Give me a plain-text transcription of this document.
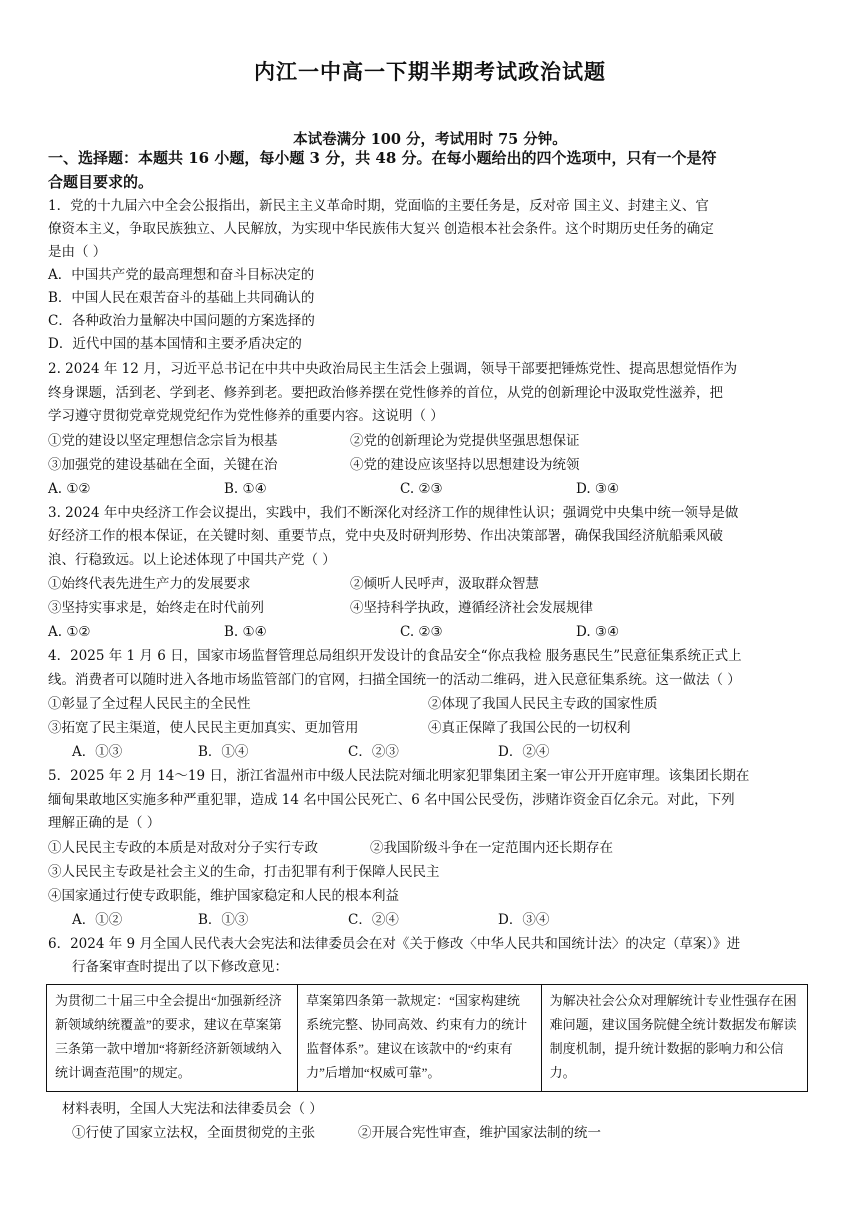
内江一中高一下期半期考试政治试题
本试卷满分 100 分，考试用时 75 分钟。

一、选择题：本题共 16 小题，每小题 3 分，共 48 分。在每小题给出的四个选项中，只有一个是符
合题目要求的。

1．党的十九届六中全会公报指出，新民主主义革命时期，党面临的主要任务是，反对帝 国主义、封建主义、官
僚资本主义，争取民族独立、人民解放，为实现中华民族伟大复兴 创造根本社会条件。这个时期历史任务的确定
是由（ ）

A．中国共产党的最高理想和奋斗目标决定的

B．中国人民在艰苦奋斗的基础上共同确认的

C．各种政治力量解决中国问题的方案选择的

D．近代中国的基本国情和主要矛盾决定的

2. 2024 年 12 月，习近平总书记在中共中央政治局民主生活会上强调，领导干部要把锤炼党性、提高思想觉悟作为
终身课题，活到老、学到老、修养到老。要把政治修养摆在党性修养的首位，从党的创新理论中汲取党性滋养，把
学习遵守贯彻党章党规党纪作为党性修养的重要内容。这说明（ ）

①党的建设以坚定理想信念宗旨为根基	②党的创新理论为党提供坚强思想保证
③加强党的建设基础在全面，关键在治	④党的建设应该坚持以思想建设为统领
A. ①②	B. ①④	C. ②③	D. ③④

3. 2024 年中央经济工作会议提出，实践中，我们不断深化对经济工作的规律性认识；强调党中央集中统一领导是做
好经济工作的根本保证，在关键时刻、重要节点，党中央及时研判形势、作出决策部署，确保我国经济航船乘风破
浪、行稳致远。以上论述体现了中国共产党（ ）

①始终代表先进生产力的发展要求	②倾听人民呼声，汲取群众智慧
③坚持实事求是，始终走在时代前列	④坚持科学执政，遵循经济社会发展规律
A. ①②	B. ①④	C. ②③	D. ③④

4．2025 年 1 月 6 日，国家市场监督管理总局组织开发设计的食品安全“你点我检 服务惠民生”民意征集系统正式上
线。消费者可以随时进入各地市场监管部门的官网，扫描全国统一的活动二维码，进入民意征集系统。这一做法（ ）

①彰显了全过程人民民主的全民性	②体现了我国人民民主专政的国家性质
③拓宽了民主渠道，使人民民主更加真实、更加管用	④真正保障了我国公民的一切权利
A．①③	B．①④	C．②③	D．②④

5．2025 年 2 月 14～19 日，浙江省温州市中级人民法院对缅北明家犯罪集团主案一审公开开庭审理。该集团长期在
缅甸果敢地区实施多种严重犯罪，造成 14 名中国公民死亡、6 名中国公民受伤，涉赌诈资金百亿余元。对此，下列
理解正确的是（ ）

①人民民主专政的本质是对敌对分子实行专政	②我国阶级斗争在一定范围内还长期存在

③人民民主专政是社会主义的生命，打击犯罪有利于保障人民民主

④国家通过行使专政职能，维护国家稳定和人民的根本利益

A．①②	B．①③	C．②④	D．③④

6．2024 年 9 月全国人民代表大会宪法和法律委员会在对《关于修改〈中华人民共和国统计法〉的决定（草案）》进
行备案审查时提出了以下修改意见：

为贯彻二十届三中全会提出“加强新经济新领域纳统覆盖”的要求，建议在草案第三条第一款中增加“将新经济新领域纳入统计调查范围”的规定。	草案第四条第一款规定：“国家构建统系统完整、协同高效、约束有力的统计监督体系”。建议在该款中的“约束有力”后增加“权威可靠”。	为解决社会公众对理解统计专业性强存在困难问题，建议国务院健全统计数据发布解读制度机制，提升统计数据的影响力和公信力。

材料表明，全国人大宪法和法律委员会（ ）

①行使了国家立法权，全面贯彻党的主张	②开展合宪性审查，维护国家法制的统一
